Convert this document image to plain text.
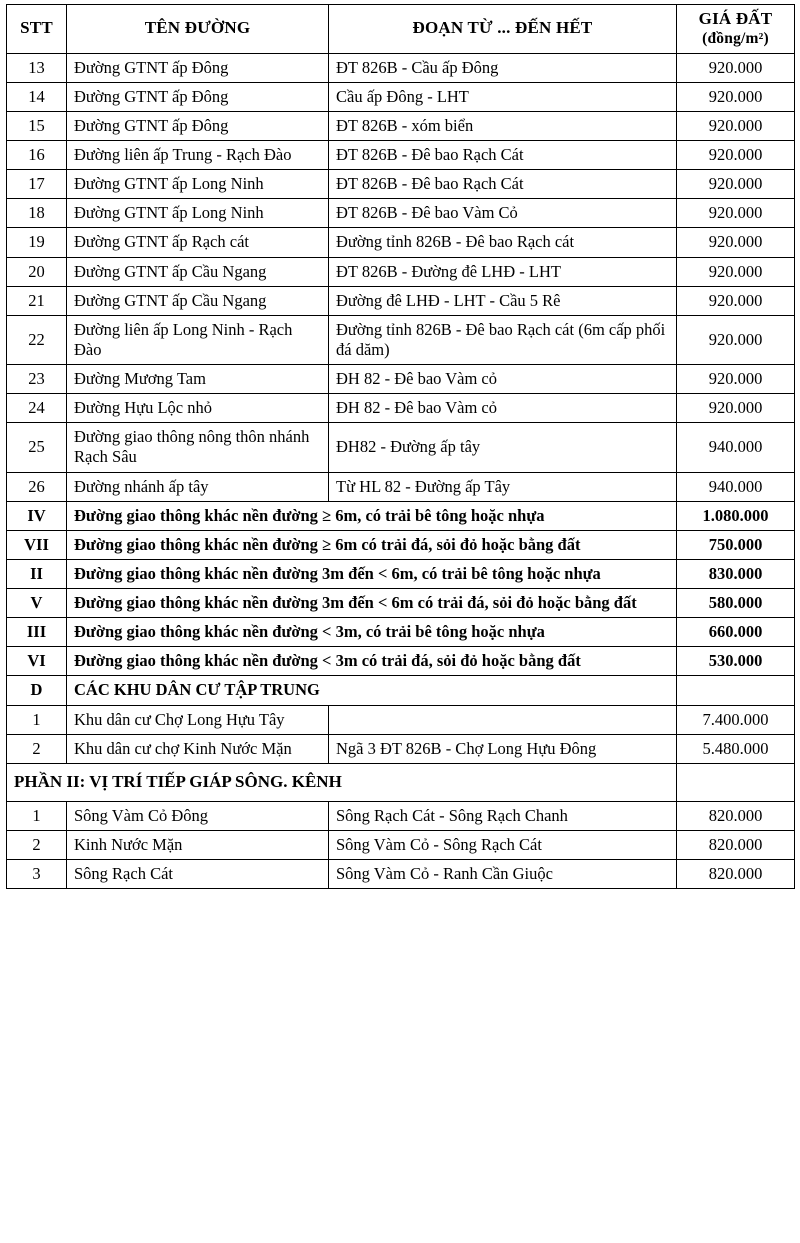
STT	TÊN ĐƯỜNG	ĐOẠN TỪ ... ĐẾN HẾT	GIÁ ĐẤT
(đồng/m²)

13	Đường GTNT ấp Đông	ĐT 826B - Cầu ấp Đông	920.000
14	Đường GTNT ấp Đông	Cầu ấp Đông - LHT	920.000
15	Đường GTNT ấp Đông	ĐT 826B - xóm biển	920.000
16	Đường liên ấp Trung - Rạch Đào	ĐT 826B - Đê bao Rạch Cát	920.000
17	Đường GTNT ấp Long Ninh	ĐT 826B - Đê bao Rạch Cát	920.000
18	Đường GTNT ấp Long Ninh	ĐT 826B - Đê bao Vàm Cỏ	920.000
19	Đường GTNT ấp Rạch cát	Đường tỉnh 826B - Đê bao Rạch cát	920.000
20	Đường GTNT ấp Cầu Ngang	ĐT 826B - Đường đê LHĐ - LHT	920.000
21	Đường GTNT ấp Cầu Ngang	Đường đê LHĐ - LHT - Cầu 5 Rê	920.000
22	Đường liên ấp Long Ninh - Rạch Đào	Đường tỉnh 826B - Đê bao Rạch cát (6m cấp phối đá dăm)	920.000
23	Đường Mương Tam	ĐH 82 - Đê bao Vàm cỏ	920.000
24	Đường Hựu Lộc nhỏ	ĐH 82 - Đê bao Vàm cỏ	920.000
25	Đường giao thông nông thôn nhánh Rạch Sâu	ĐH82 - Đường ấp tây	940.000
26	Đường nhánh ấp tây	Từ HL 82 - Đường ấp Tây	940.000
IV	Đường giao thông khác nền đường ≥ 6m, có trải bê tông hoặc nhựa		1.080.000
VII	Đường giao thông khác nền đường ≥ 6m có trải đá, sỏi đỏ hoặc bằng đất		750.000
II	Đường giao thông khác nền đường 3m đến < 6m, có trải bê tông hoặc nhựa		830.000
V	Đường giao thông khác nền đường 3m đến < 6m có trải đá, sỏi đỏ hoặc bằng đất		580.000
III	Đường giao thông khác nền đường < 3m, có trải bê tông hoặc nhựa		660.000
VI	Đường giao thông khác nền đường < 3m có trải đá, sỏi đỏ hoặc bằng đất		530.000
D	CÁC KHU DÂN CƯ TẬP TRUNG		
1	Khu dân cư Chợ Long Hựu Tây		7.400.000
2	Khu dân cư chợ Kinh Nước Mặn	Ngã 3 ĐT 826B - Chợ Long Hựu Đông	5.480.000
PHẦN II: VỊ TRÍ TIẾP GIÁP SÔNG. KÊNH			
1	Sông Vàm Cỏ Đông	Sông Rạch Cát - Sông Rạch Chanh	820.000
2	Kinh Nước Mặn	Sông Vàm Cỏ - Sông Rạch Cát	820.000
3	Sông Rạch Cát	Sông Vàm Cỏ - Ranh Cần Giuộc	820.000
